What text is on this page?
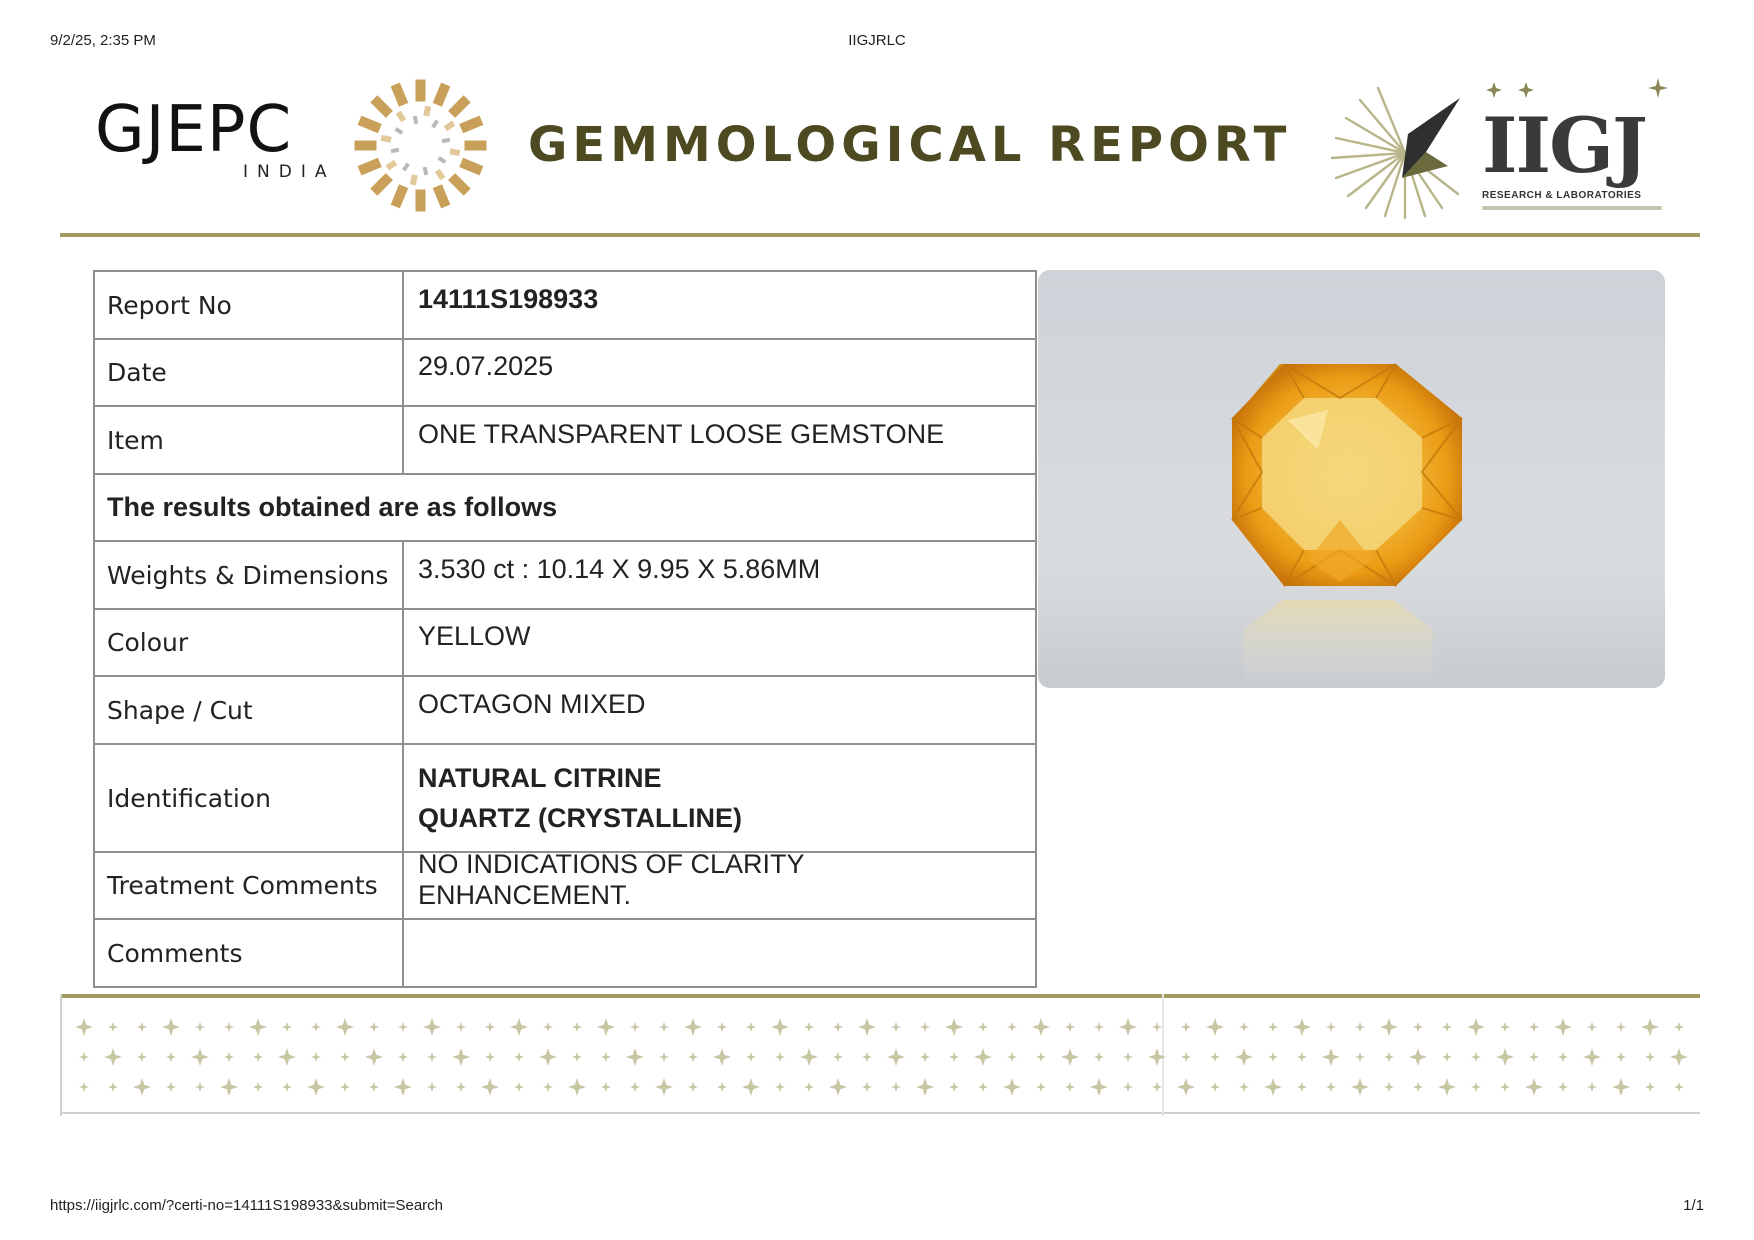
9/2/25, 2:35 PM	IIGJRLC
GJEPC
INDIA	GEMMOLOGICAL REPORT	IIGJ
RESEARCH & LABORATORIES
Report No	14111S198933
Date	29.07.2025
Item	ONE TRANSPARENT LOOSE GEMSTONE
The results obtained are as follows	
Weights & Dimensions	3.530 ct : 10.14 X 9.95 X 5.86MM
Colour	YELLOW
Shape / Cut	OCTAGON MIXED
Identification	NATURAL CITRINE
QUARTZ (CRYSTALLINE)

Treatment Comments	NO INDICATIONS OF CLARITY ENHANCEMENT.
Comments	
https://iigjrlc.com/?certi-no=14111S198933&submit=Search	1/1
